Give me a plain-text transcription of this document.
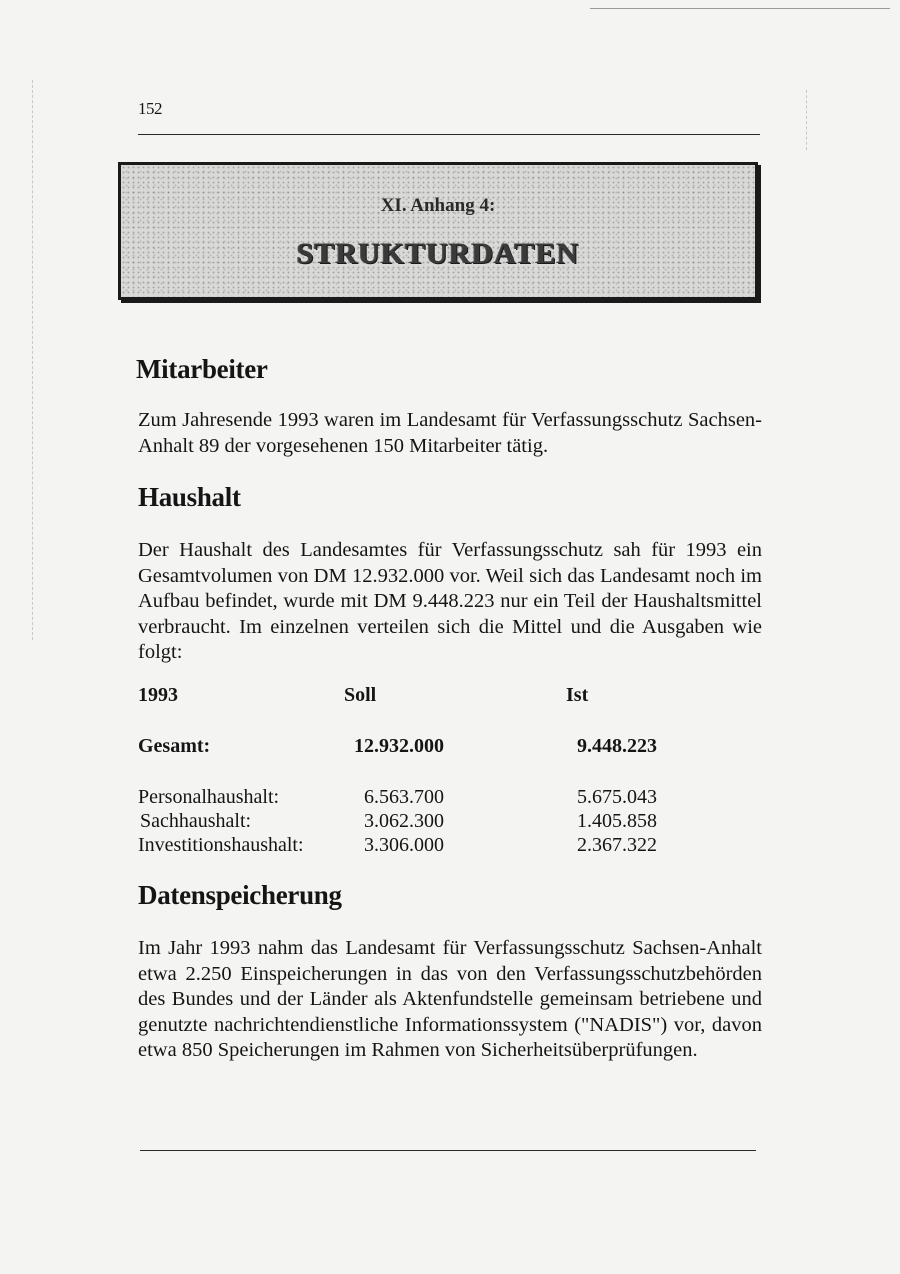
152
XI. Anhang 4:
STRUKTURDATEN
Mitarbeiter

Zum Jahresende 1993 waren im Landesamt für Verfassungsschutz Sachsen-Anhalt 89 der vorgesehenen 150 Mitarbeiter tätig.

Haushalt

Der Haushalt des Landesamtes für Verfassungsschutz sah für 1993 ein Gesamtvolumen von DM 12.932.000 vor. Weil sich das Landesamt noch im Aufbau befindet, wurde mit DM 9.448.223 nur ein Teil der Haushaltsmittel verbraucht. Im einzelnen verteilen sich die Mittel und die Ausgaben wie folgt:

1993	Soll	Ist
Gesamt:	12.932.000	9.448.223
Personalhaushalt:	6.563.700	5.675.043
Sachhaushalt:	3.062.300	1.405.858
Investitionshaushalt:	3.306.000	2.367.322
Datenspeicherung

Im Jahr 1993 nahm das Landesamt für Verfassungsschutz Sachsen-Anhalt etwa 2.250 Einspeicherungen in das von den Verfassungsschutzbehörden des Bundes und der Länder als Aktenfundstelle gemeinsam betriebene und genutzte nachrichtendienstliche Informationssystem ("NADIS") vor, davon etwa 850 Speicherungen im Rahmen von Sicherheitsüberprüfungen.
